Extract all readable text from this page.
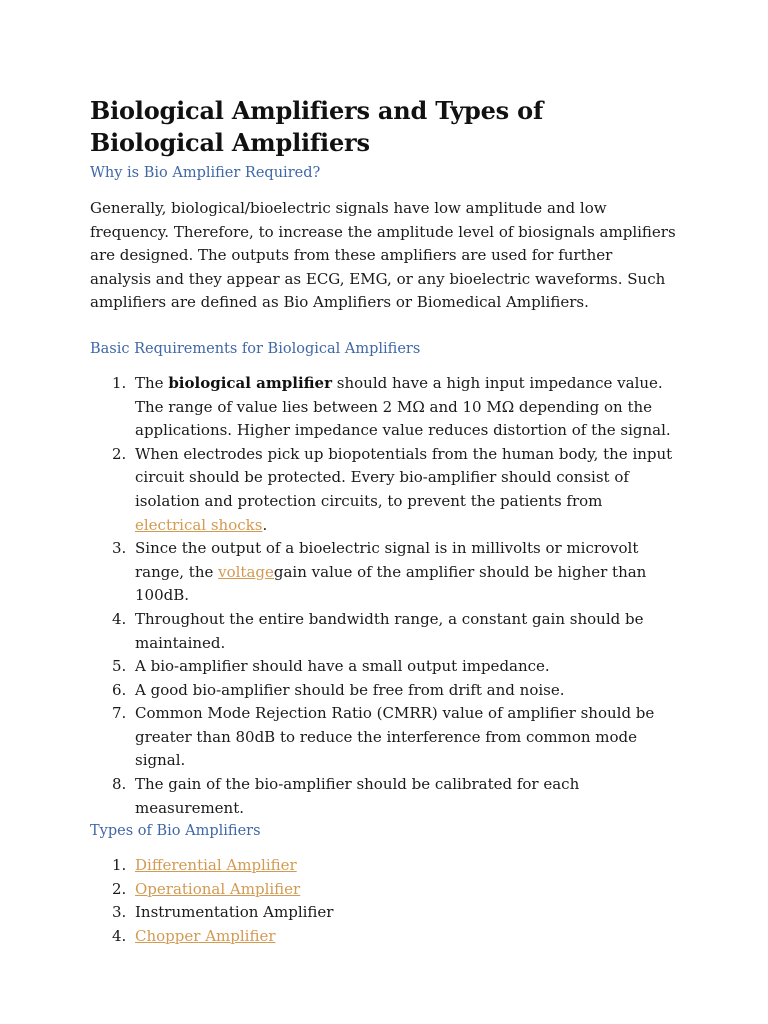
Biological Amplifiers and Types of Biological Amplifiers
Why is Bio Amplifier Required?

Generally, biological/bioelectric signals have low amplitude and low frequency. Therefore, to increase the amplitude level of biosignals amplifiers are designed. The outputs from these amplifiers are used for further analysis and they appear as ECG, EMG, or any bioelectric waveforms. Such amplifiers are defined as Bio Amplifiers or Biomedical Amplifiers.

Basic Requirements for Biological Amplifiers
1. The biological amplifier should have a high input impedance value. The range of value lies between 2 MΩ and 10 MΩ depending on the applications. Higher impedance value reduces distortion of the signal.
2. When electrodes pick up biopotentials from the human body, the input circuit should be protected. Every bio-amplifier should consist of isolation and protection circuits, to prevent the patients from electrical shocks.
3. Since the output of a bioelectric signal is in millivolts or microvolt range, the voltagegain value of the amplifier should be higher than 100dB.
4. Throughout the entire bandwidth range, a constant gain should be maintained.
5. A bio-amplifier should have a small output impedance.
6. A good bio-amplifier should be free from drift and noise.
7. Common Mode Rejection Ratio (CMRR) value of amplifier should be greater than 80dB to reduce the interference from common mode signal.
8. The gain of the bio-amplifier should be calibrated for each measurement.
Types of Bio Amplifiers
1. Differential Amplifier
2. Operational Amplifier
3. Instrumentation Amplifier
4. Chopper Amplifier
